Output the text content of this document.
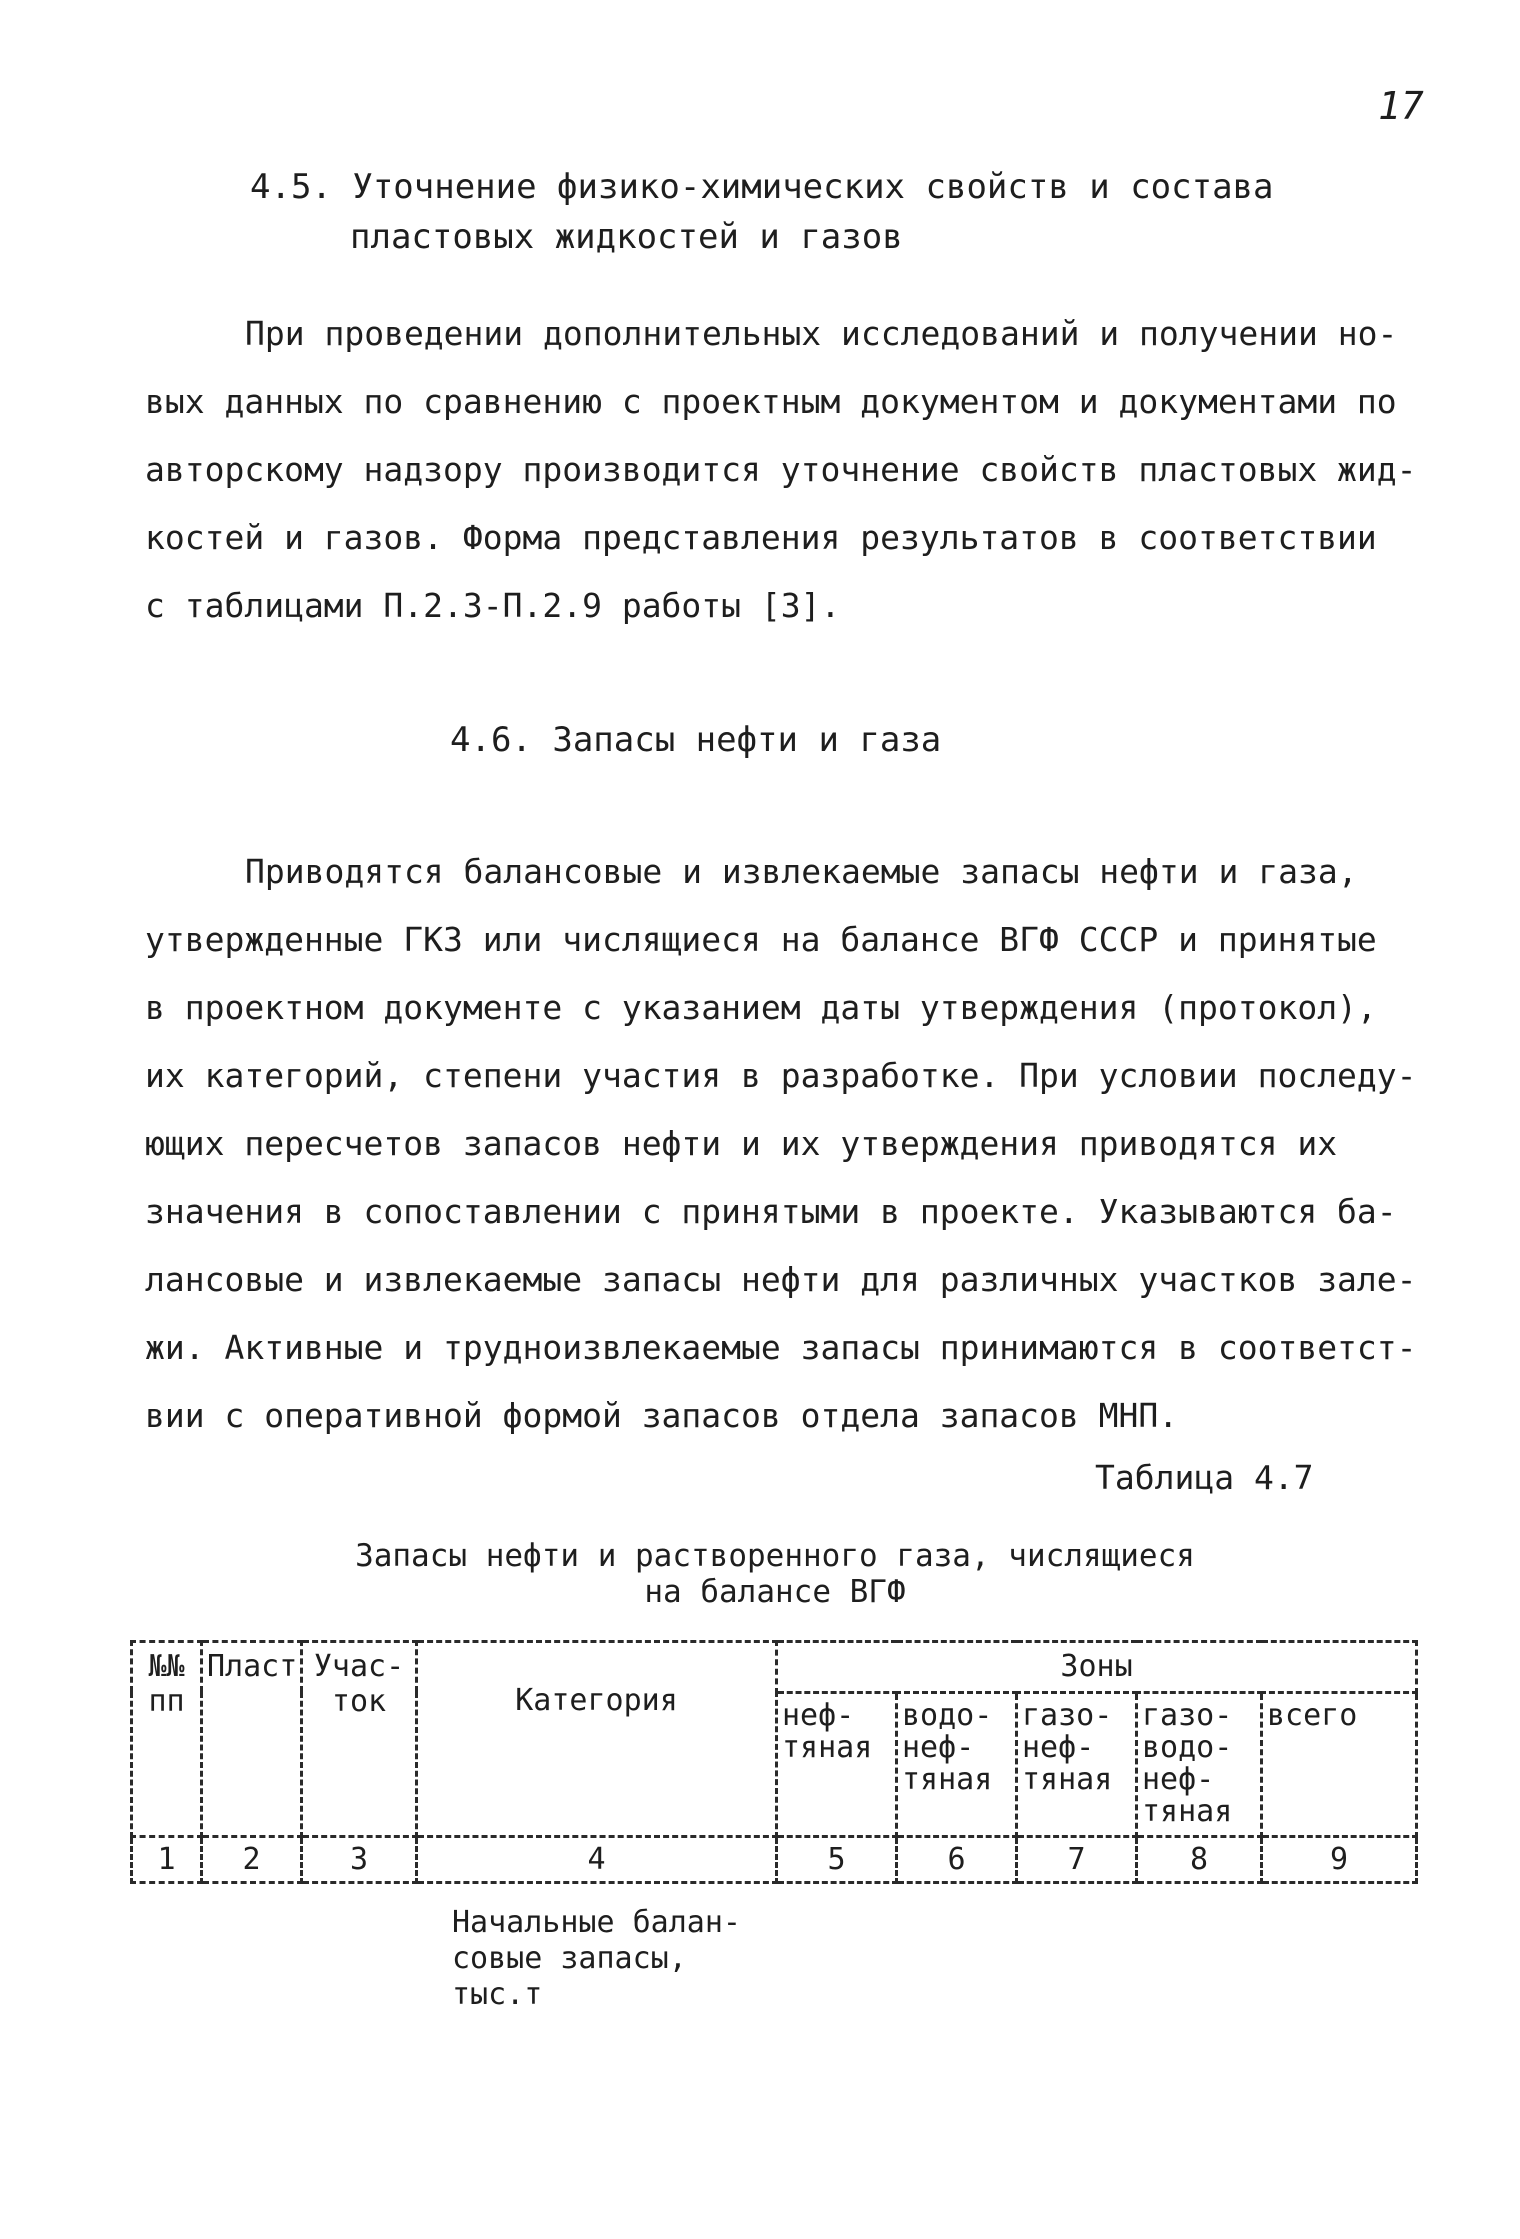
17
4.5. Уточнение физико-химических свойств и состава
пластовых жидкостей и газов
При проведении дополнительных исследований и получении но-
вых данных по сравнению с проектным документом и документами по
авторскому надзору производится уточнение свойств пластовых жид-
костей и газов. Форма представления результатов в соответствии
с таблицами П.2.3-П.2.9 работы [3].
4.6. Запасы нефти и газа
Приводятся балансовые и извлекаемые запасы нефти и газа,
утвержденные ГКЗ или числящиеся на балансе ВГФ СССР и принятые
в проектном документе с указанием даты утверждения (протокол),
их категорий, степени участия в разработке. При условии последу-
ющих пересчетов запасов нефти и их утверждения приводятся их
значения в сопоставлении с принятыми в проекте. Указываются ба-
лансовые и извлекаемые запасы нефти для различных участков зале-
жи. Активные и трудноизвлекаемые запасы принимаются в соответст-
вии с оперативной формой запасов отдела запасов МНП.
Таблица 4.7
Запасы нефти и растворенного газа, числящиеся
на балансе ВГФ
№№ пп	Пласт	Учас- ток	Категория	Зоны				
				неф- тяная	водо- неф- тяная	газо- неф- тяная	газо- водо- неф- тяная	всего
1	2	3	4	5	6	7	8	9
Начальные балан-
совые запасы,
тыс.т
